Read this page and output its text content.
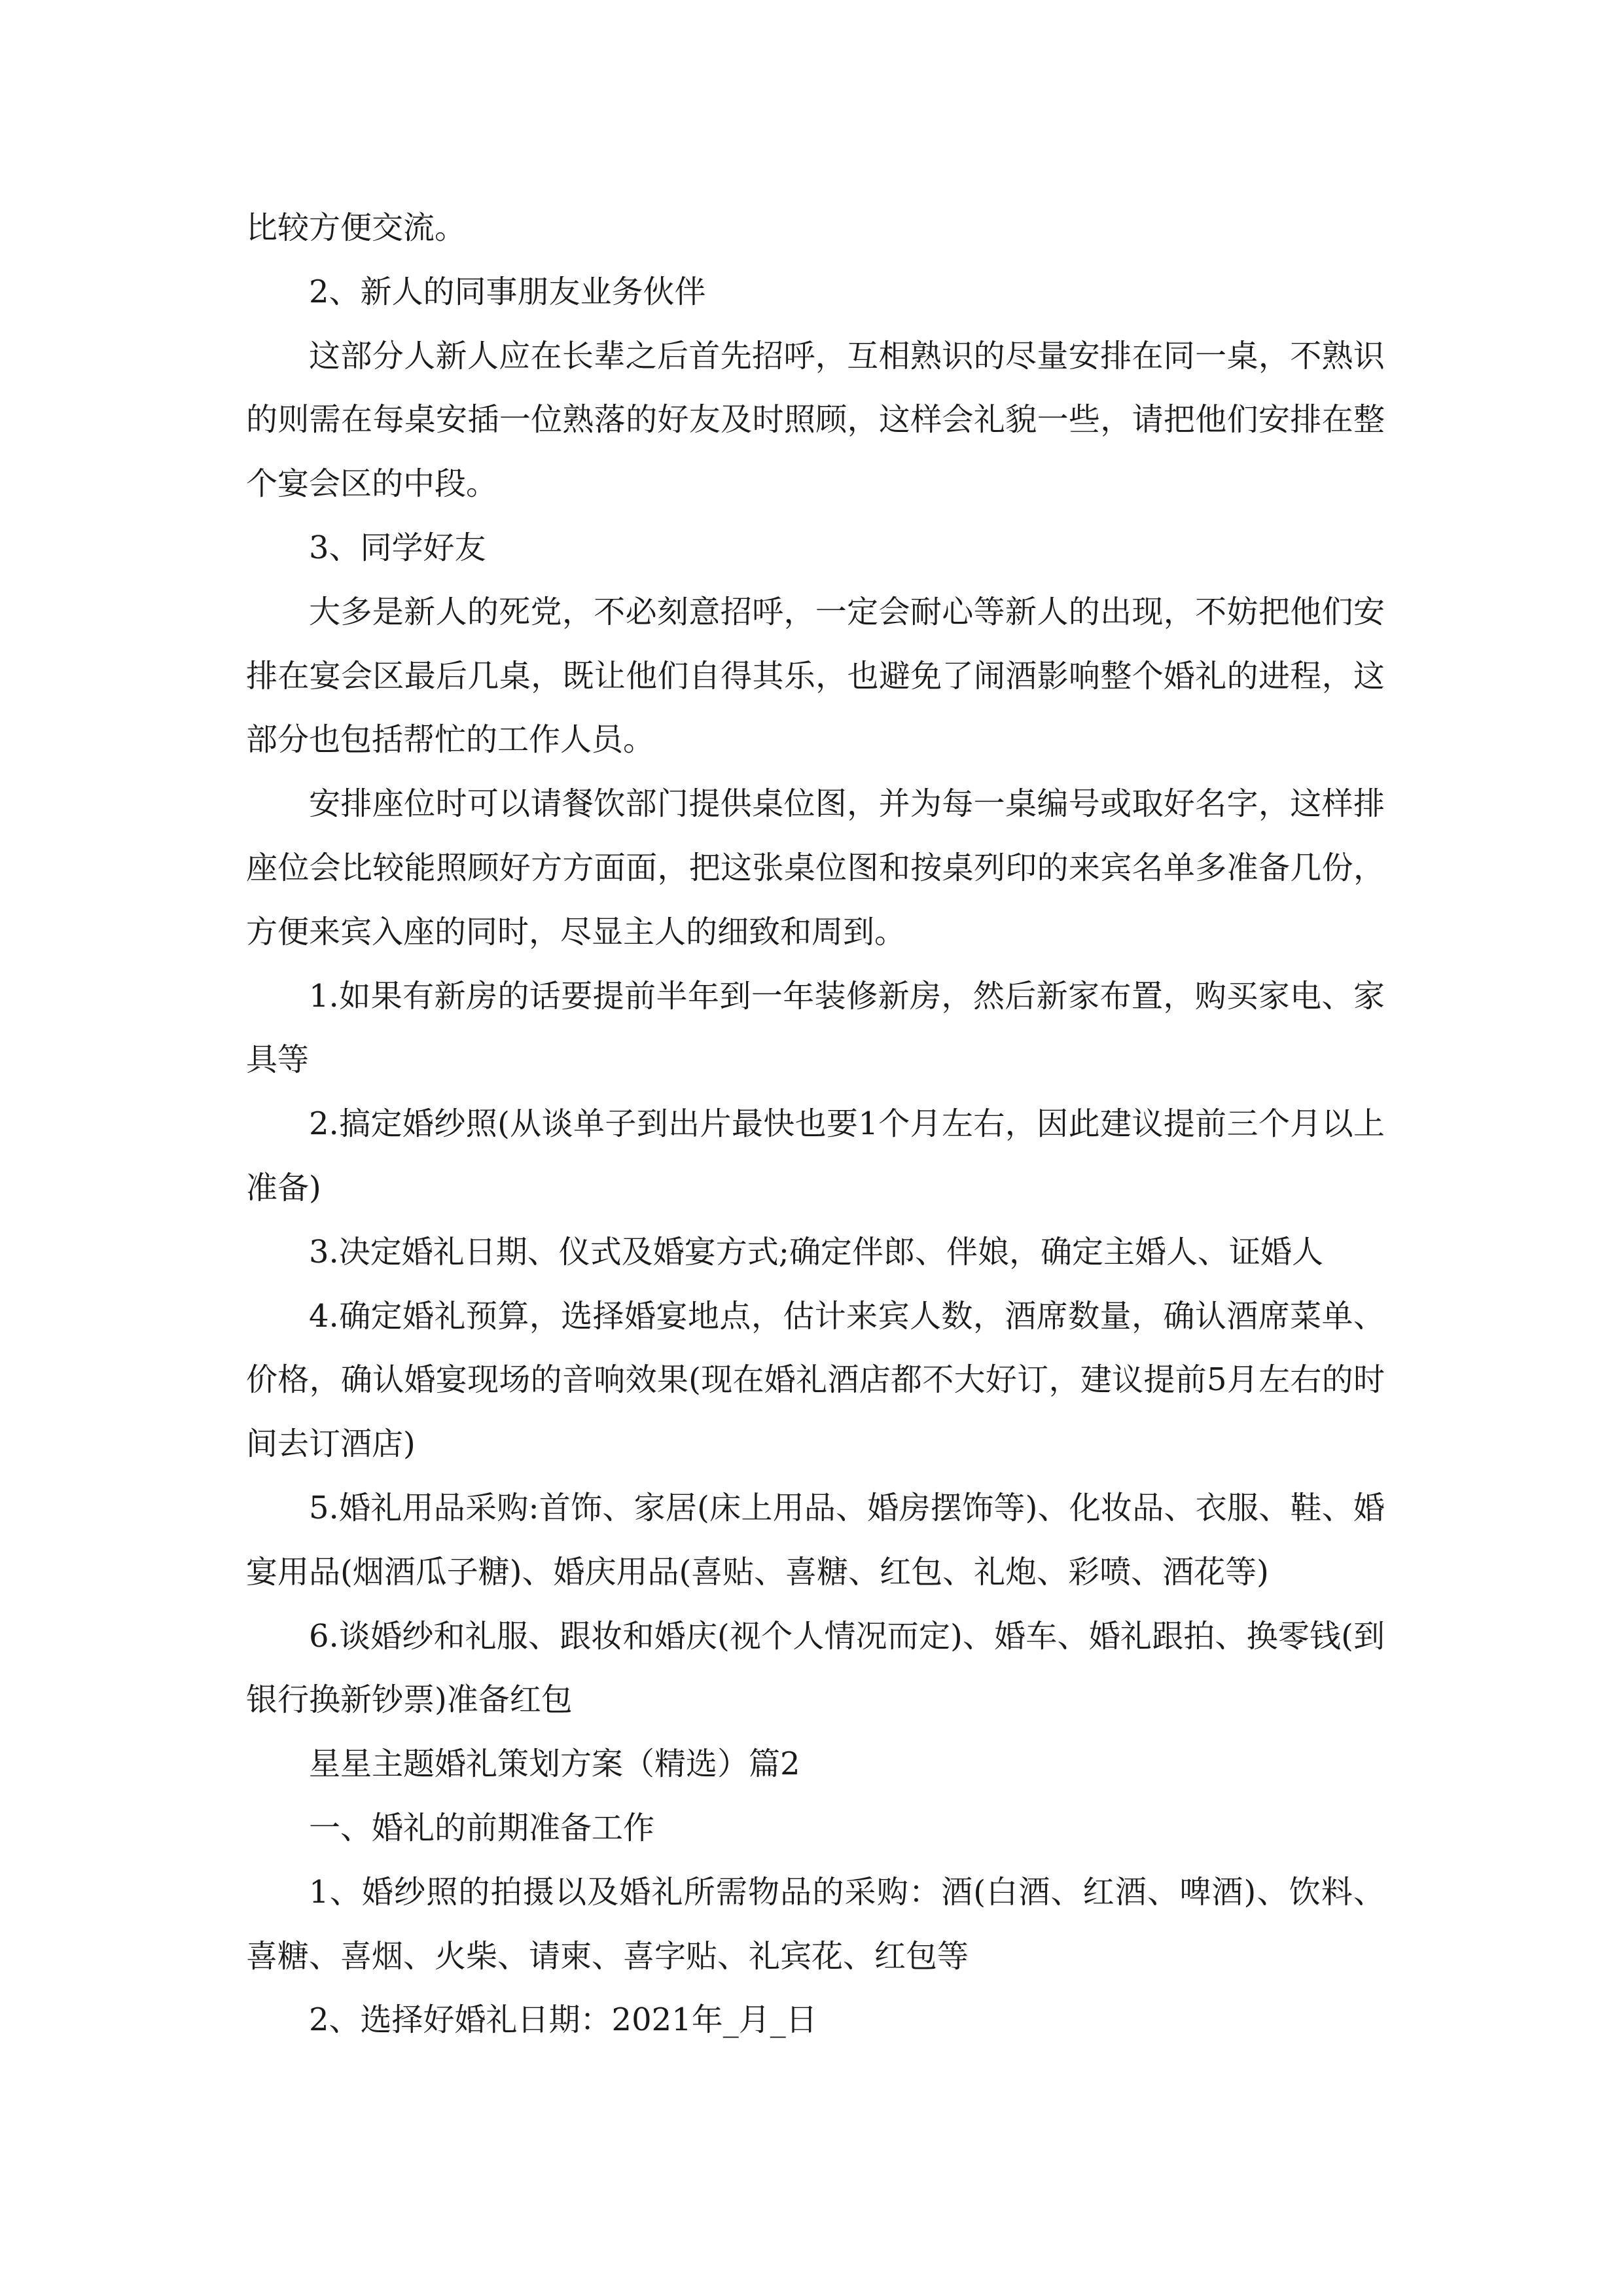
比较方便交流。

2、新人的同事朋友业务伙伴

这部分人新人应在长辈之后首先招呼，互相熟识的尽量安排在同一桌，不熟识的则需在每桌安插一位熟落的好友及时照顾，这样会礼貌一些，请把他们安排在整个宴会区的中段。

3、同学好友

大多是新人的死党，不必刻意招呼，一定会耐心等新人的出现，不妨把他们安排在宴会区最后几桌，既让他们自得其乐，也避免了闹酒影响整个婚礼的进程，这部分也包括帮忙的工作人员。

安排座位时可以请餐饮部门提供桌位图，并为每一桌编号或取好名字，这样排座位会比较能照顾好方方面面，把这张桌位图和按桌列印的来宾名单多准备几份，方便来宾入座的同时，尽显主人的细致和周到。

1.如果有新房的话要提前半年到一年装修新房，然后新家布置，购买家电、家具等

2.搞定婚纱照(从谈单子到出片最快也要1个月左右，因此建议提前三个月以上准备)

3.决定婚礼日期、仪式及婚宴方式;确定伴郎、伴娘，确定主婚人、证婚人

4.确定婚礼预算，选择婚宴地点，估计来宾人数，酒席数量，确认酒席菜单、价格，确认婚宴现场的音响效果(现在婚礼酒店都不大好订，建议提前5月左右的时间去订酒店)

5.婚礼用品采购:首饰、家居(床上用品、婚房摆饰等)、化妆品、衣服、鞋、婚宴用品(烟酒瓜子糖)、婚庆用品(喜贴、喜糖、红包、礼炮、彩喷、酒花等)

6.谈婚纱和礼服、跟妆和婚庆(视个人情况而定)、婚车、婚礼跟拍、换零钱(到银行换新钞票)准备红包

星星主题婚礼策划方案（精选）篇2

一、婚礼的前期准备工作

1、婚纱照的拍摄以及婚礼所需物品的采购：酒(白酒、红酒、啤酒)、饮料、喜糖、喜烟、火柴、请柬、喜字贴、礼宾花、红包等

2、选择好婚礼日期：2021年_月_日
